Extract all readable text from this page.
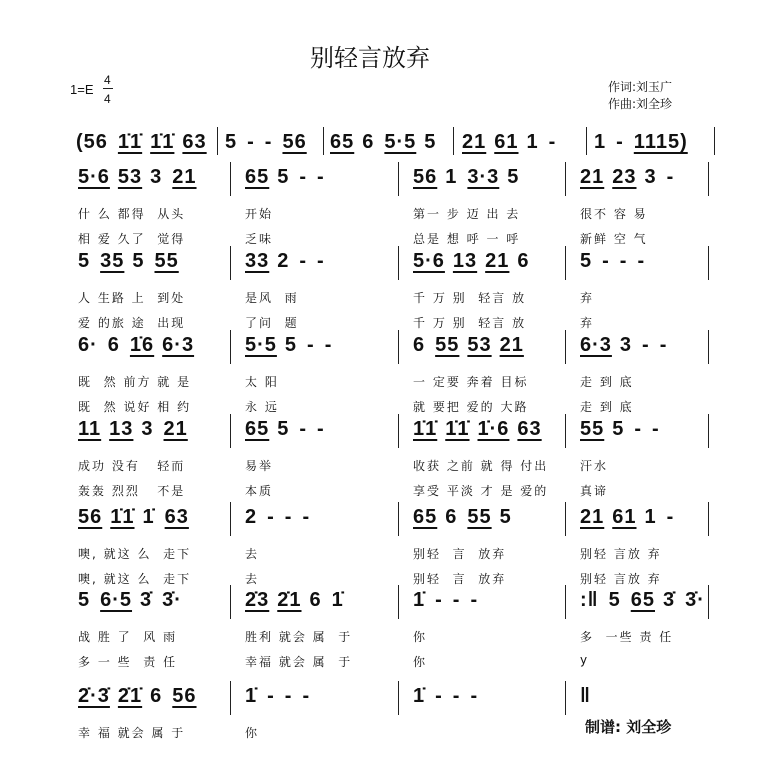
别轻言放弃
1=E
4
4
作词:刘玉广
作曲:刘全珍
(56 1̇1̇ 1̇1̇ 63 5 - - 56	65 6 5·5 5	21 61 1 -	1 - 1115)
5·6 53 3 21	65 5 - -	56 1 3·3 5	21 23 3 -
什 么 都得  从头	开始	第一 步 迈 出 去	很不 容 易
相 爱 久了  觉得	乏味	总是 想 呼 一 呼	新鲜 空 气
5 35 5 55	33 2 - -	5·6 13 21 6	5 - - -
人 生路 上  到处	是风  雨	千 万 别  轻言 放	弃
爱 的旅 途  出现	了问  题	千 万 别  轻言 放	弃
6· 6 1̇6 6·3	5·5 5 - -	6 55 53 21	6·3 3 - -
既  然 前方 就 是	太 阳	一 定要 奔着 目标	走 到 底
既  然 说好 相 约	永 远	就 要把 爱的 大路	走 到 底
11 13 3 21	65 5 - -	1̇1̇ 1̇1̇ 1̇·6 63	55 5 - -
成功 没有   轻而	易举	收获 之前 就 得 付出	汗水
轰轰 烈烈   不是	本质	享受 平淡 才 是 爱的	真谛
56 1̇1̇ 1̇ 63	2 - - -	65 6 55 5	21 61 1 -
噢, 就这 么  走下	去	别轻  言  放弃	别轻 言放 弃
噢, 就这 么  走下	去	别轻  言  放弃	别轻 言放 弃
5 6·5 3̇ 3̇·	2̇3 2̇1 6 1̇	1̇ - - -	:‖ 5 65 3̇ 3̇·
战 胜 了  风 雨	胜利 就会 属  于	你	多  一些 责 任
多 一 些  责 任	幸福 就会 属  于	你	y
2̇·3̇ 2̇1̇ 6 56	1̇ - - -	1̇ - - -	‖
幸 福 就会 属 于	你	制谱: 刘全珍
